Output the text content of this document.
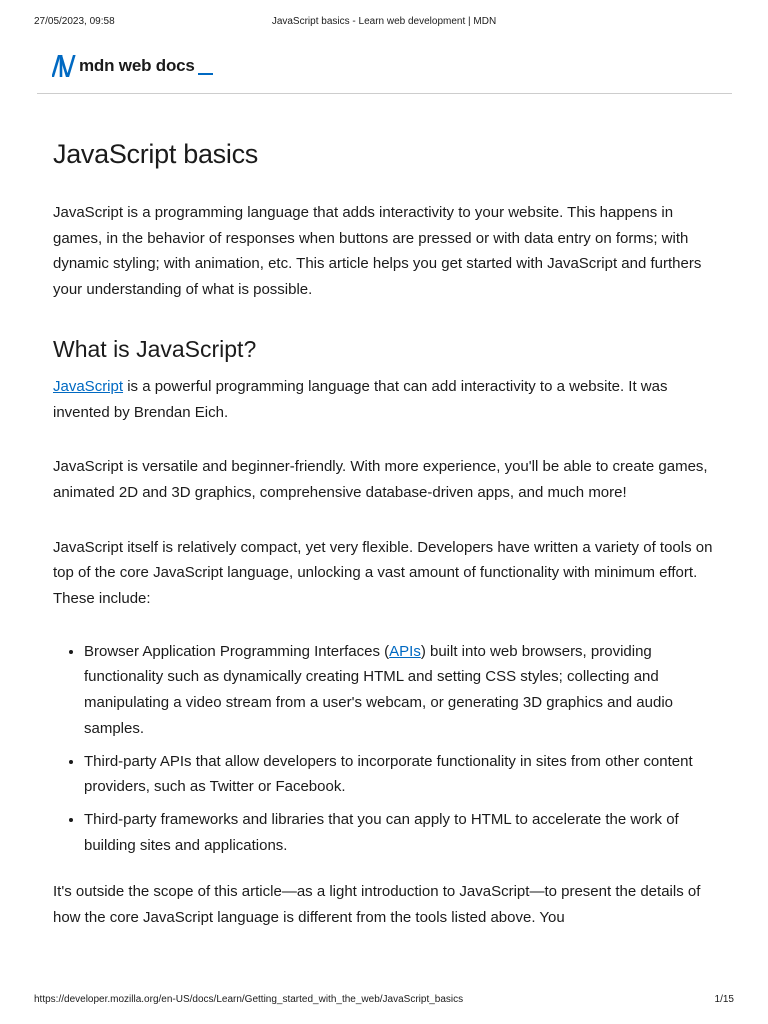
27/05/2023, 09:58	JavaScript basics - Learn web development | MDN
mdn web docs
JavaScript basics

JavaScript is a programming language that adds interactivity to your website. This happens in games, in the behavior of responses when buttons are pressed or with data entry on forms; with dynamic styling; with animation, etc. This article helps you get started with JavaScript and furthers your understanding of what is possible.

What is JavaScript?

JavaScript is a powerful programming language that can add interactivity to a website. It was invented by Brendan Eich.

JavaScript is versatile and beginner-friendly. With more experience, you'll be able to create games, animated 2D and 3D graphics, comprehensive database-driven apps, and much more!

JavaScript itself is relatively compact, yet very flexible. Developers have written a variety of tools on top of the core JavaScript language, unlocking a vast amount of functionality with minimum effort. These include:

• Browser Application Programming Interfaces (APIs) built into web browsers, providing functionality such as dynamically creating HTML and setting CSS styles; collecting and manipulating a video stream from a user's webcam, or generating 3D graphics and audio samples.
• Third-party APIs that allow developers to incorporate functionality in sites from other content providers, such as Twitter or Facebook.
• Third-party frameworks and libraries that you can apply to HTML to accelerate the work of building sites and applications.

It's outside the scope of this article—as a light introduction to JavaScript—to present the details of how the core JavaScript language is different from the tools listed above. You

https://developer.mozilla.org/en-US/docs/Learn/Getting_started_with_the_web/JavaScript_basics	1/15
